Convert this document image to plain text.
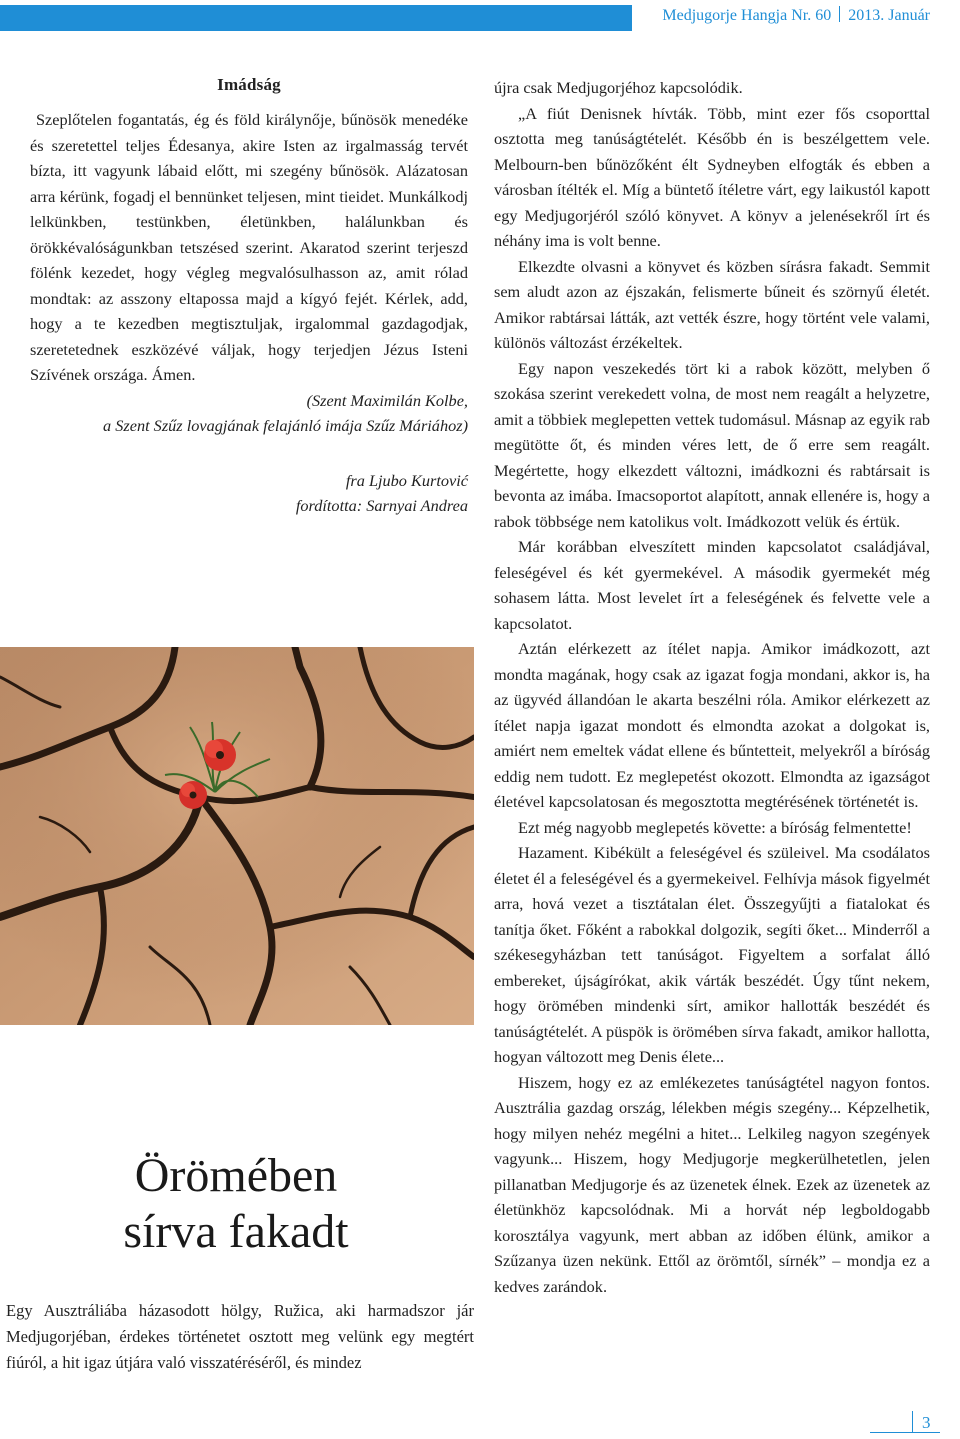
Medjugorje Hangja Nr. 60 2013. Január
Imádság

Szeplőtelen fogantatás, ég és föld királynője, bűnösök menedéke és szeretettel teljes Édesanya, akire Isten az irgalmasság tervét bízta, itt vagyunk lábaid előtt, mi szegény bűnösök. Alázatosan arra kérünk, fogadj el bennünket teljesen, mint tieidet. Munkálkodj lelkünkben, testünkben, életünkben, halálunkban és örökkévalóságunkban tetszésed szerint. Akaratod szerint terjeszd fölénk kezedet, hogy végleg megvalósulhasson az, amit rólad mondtak: az asszony eltapossa majd a kígyó fejét. Kérlek, add, hogy a te kezedben megtisztuljak, irgalommal gazdagodjak, szeretetednek eszközévé váljak, hogy terjedjen Jézus Isteni Szívének országa. Ámen.

(Szent Maximilán Kolbe,
a Szent Szűz lovagjának felajánló imája Szűz Máriához)
fra Ljubo Kurtović
fordította: Sarnyai Andrea
Örömében
sírva fakadt

Egy Ausztráliába házasodott hölgy, Ružica, aki harmadszor jár Medjugorjéban, érdekes történetet osztott meg velünk egy megtért fiúról, a hit igaz útjára való visszatéréséről, és mindez

újra csak Medjugorjéhoz kapcsolódik.

„A fiút Denisnek hívták. Több, mint ezer fős csoporttal osztotta meg tanúságtételét. Később én is beszélgettem vele. Melbourn-ben bűnözőként élt Sydneyben elfogták és ebben a városban ítélték el. Míg a büntető ítéletre várt, egy laikustól kapott egy Medjugorjéról szóló könyvet. A könyv a jelenésekről írt és néhány ima is volt benne.

Elkezdte olvasni a könyvet és közben sírásra fakadt. Semmit sem aludt azon az éjszakán, felismerte bűneit és szörnyű életét. Amikor rabtársai látták, azt vették észre, hogy történt vele valami, különös változást érzékeltek.

Egy napon veszekedés tört ki a rabok között, melyben ő szokása szerint verekedett volna, de most nem reagált a helyzetre, amit a többiek meglepetten vettek tudomásul. Másnap az egyik rab megütötte őt, és minden véres lett, de ő erre sem reagált. Megértette, hogy elkezdett változni, imádkozni és rabtársait is bevonta az imába. Imacsoportot alapított, annak ellenére is, hogy a rabok többsége nem katolikus volt. Imádkozott velük és értük.

Már korábban elveszített minden kapcsolatot családjával, feleségével és két gyermekével. A második gyermekét még sohasem látta. Most levelet írt a feleségének és felvette vele a kapcsolatot.

Aztán elérkezett az ítélet napja. Amikor imádkozott, azt mondta magának, hogy csak az igazat fogja mondani, akkor is, ha az ügyvéd állandóan le akarta beszélni róla. Amikor elérkezett az ítélet napja igazat mondott és elmondta azokat a dolgokat is, amiért nem emeltek vádat ellene és bűntetteit, melyekről a bíróság eddig nem tudott. Ez meglepetést okozott. Elmondta az igazságot életével kapcsolatosan és megosztotta megtérésének történetét is.

Ezt még nagyobb meglepetés követte: a bíróság felmentette!

Hazament. Kibékült a feleségével és szüleivel. Ma csodálatos életet él a feleségével és a gyermekeivel. Felhívja mások figyelmét arra, hová vezet a tisztátalan élet. Összegyűjti a fiatalokat és tanítja őket. Főként a rabokkal dolgozik, segíti őket... Minderről a székesegyházban tett tanúságot. Figyeltem a sorfalat álló embereket, újságírókat, akik várták beszédét. Úgy tűnt nekem, hogy örömében mindenki sírt, amikor hallották beszédét és tanúságtételét. A püspök is örömében sírva fakadt, amikor hallotta, hogyan változott meg Denis élete...

Hiszem, hogy ez az emlékezetes tanúságtétel nagyon fontos. Ausztrália gazdag ország, lélekben mégis szegény... Képzelhetik, hogy milyen nehéz megélni a hitet... Lelkileg nagyon szegények vagyunk... Hiszem, hogy Medjugorje megkerülhetetlen, jelen pillanatban Medjugorje és az üzenetek élnek. Ezek az üzenetek az életünkhöz kapcsolódnak. Mi a horvát nép legboldogabb korosztálya vagyunk, mert abban az időben élünk, amikor a Szűzanya üzen nekünk. Ettől az örömtől, sírnék” – mondja ez a kedves zarándok.

3
